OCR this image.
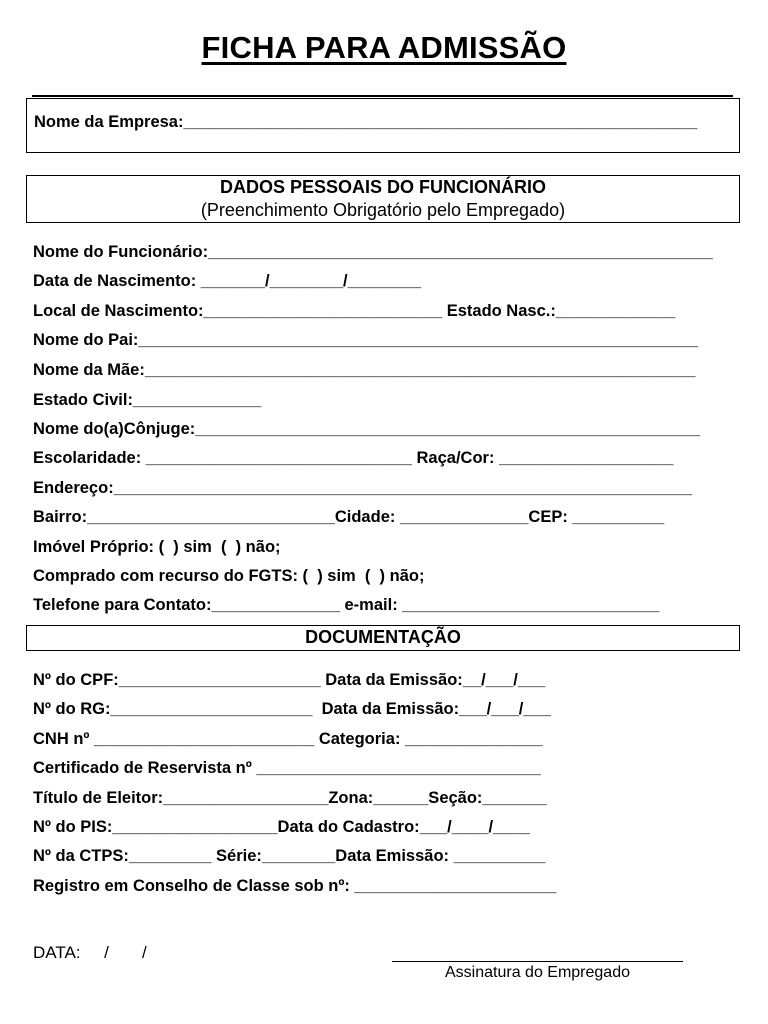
FICHA PARA ADMISSÃO
Nome da Empresa:________________________________________________________
DADOS PESSOAIS DO FUNCIONÁRIO
(Preenchimento Obrigatório pelo Empregado)
Nome do Funcionário:_______________________________________________________
Data de Nascimento: _______/________/________
Local de Nascimento:__________________________ Estado Nasc.:_____________
Nome do Pai:_____________________________________________________________
Nome da Mãe:____________________________________________________________
Estado Civil:______________
Nome do(a)Cônjuge:_______________________________________________________
Escolaridade: _____________________________ Raça/Cor: ___________________
Endereço:_______________________________________________________________
Bairro:___________________________Cidade: ______________CEP: __________
Imóvel Próprio: (  ) sim  (  ) não;
Comprado com recurso do FGTS: (  ) sim  (  ) não;
Telefone para Contato:______________ e-mail: ____________________________
DOCUMENTAÇÃO
Nº do CPF:______________________ Data da Emissão:__/___/___
Nº do RG:______________________  Data da Emissão:___/___/___
CNH nº ________________________ Categoria: _______________
Certificado de Reservista nº _______________________________
Título de Eleitor:__________________Zona:______Seção:_______
Nº do PIS:__________________Data do Cadastro:___/____/____
Nº da CTPS:_________ Série:________Data Emissão: __________
Registro em Conselho de Classe sob nº: ______________________
DATA:     /       /
Assinatura do Empregado
